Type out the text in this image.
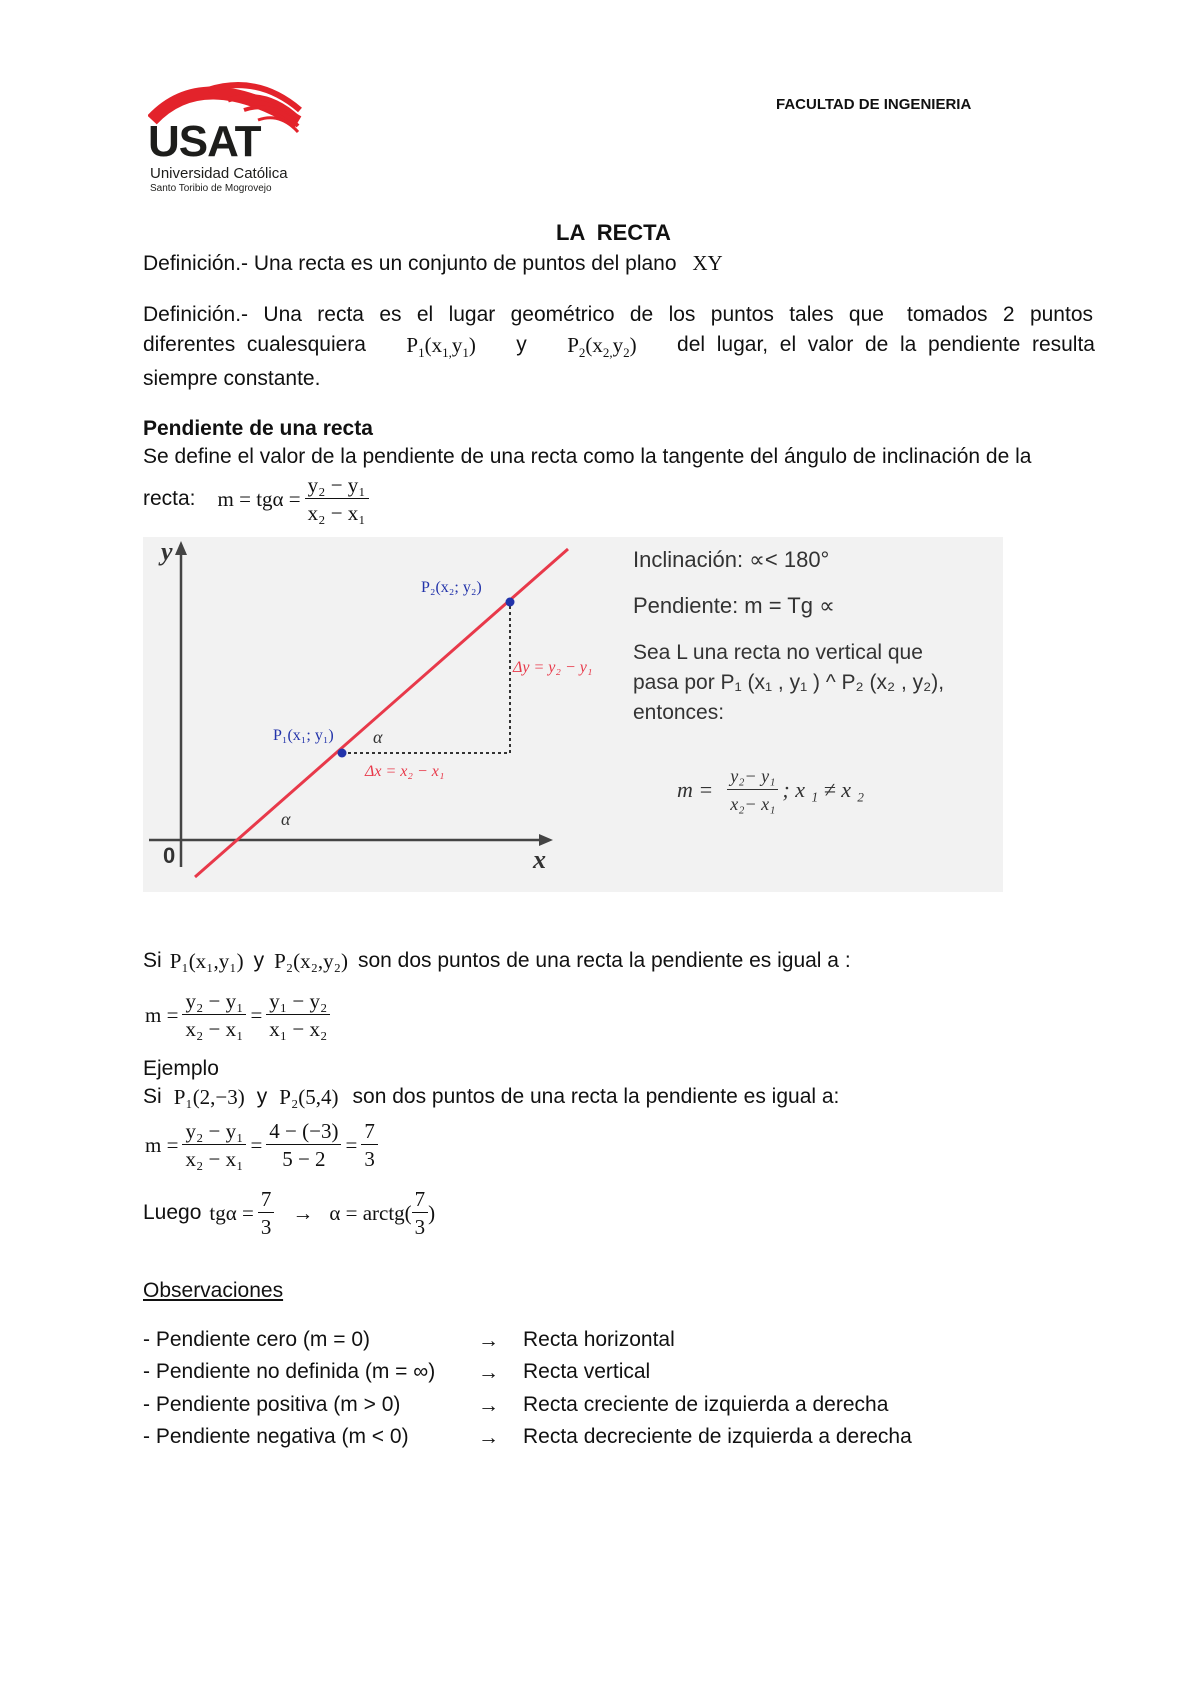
USAT
Universidad Católica
Santo Toribio de Mogrovejo
FACULTAD DE INGENIERIA
LA  RECTA
Definición.- Una recta es un conjunto de puntos del plano XY
Definición.-  Una  recta  es  el  lugar  geométrico  de  los  puntos  tales  que   tomados  2  puntos
diferentes  cualesquiera $P_1(x_{1,}y_1)$ y $P_2(x_{2,}y_2)$ del  lugar,  el  valor  de  la  pendiente  resulta
siempre constante.
Pendiente de una recta
Se define el valor de la pendiente de una recta como la tangente del ángulo de inclinación de la
recta: $m = tg\alpha = \frac{\text{y₂ − y₁}}{\text{x₂ − x₁}}$
y
x
0
P₂(x₂; y₂)
P₁(x₁; y₁)
Δy = y₂ − y₁
Δx = x₂ − x₁
α
α
Inclinación: ∝< 180°
Pendiente: m = Tg ∝
Sea L una recta no vertical que
pasa por P₁ (x₁ , y₁ ) ^ P₂ (x₂ , y₂),
entonces:
$m = \frac{\text{y₂− y₁}}{\text{x₂− x₁}}$ ; x ₁ ≠ x ₂
Si P₁(x₁,y₁) y P₂(x₂,y₂) son dos puntos de una recta la pendiente es igual a :
$m = \frac{\text{y₂ − y₁}}{\text{x₂ − x₁}} = \frac{\text{y₁ − y₂}}{\text{x₁ − x₂}}$
Ejemplo
Si P₁(2,−3) y P₂(5,4) son dos puntos de una recta la pendiente es igual a:
$m = \frac{\text{y₂ − y₁}}{\text{x₂ − x₁}} = \frac{4 - (-3)}{5 - 2} = \frac{7}{3}$
Luego $tg\alpha = \frac{7}{3} \to \alpha$ = arctg( $\frac{7}{3}$ )
Observaciones
- Pendiente cero (m = 0)	→ Recta horizontal
- Pendiente no definida (m = ∞) → Recta vertical
- Pendiente positiva (m > 0)	→ Recta creciente de izquierda a derecha
- Pendiente negativa (m < 0)	→ Recta decreciente de izquierda a derecha
